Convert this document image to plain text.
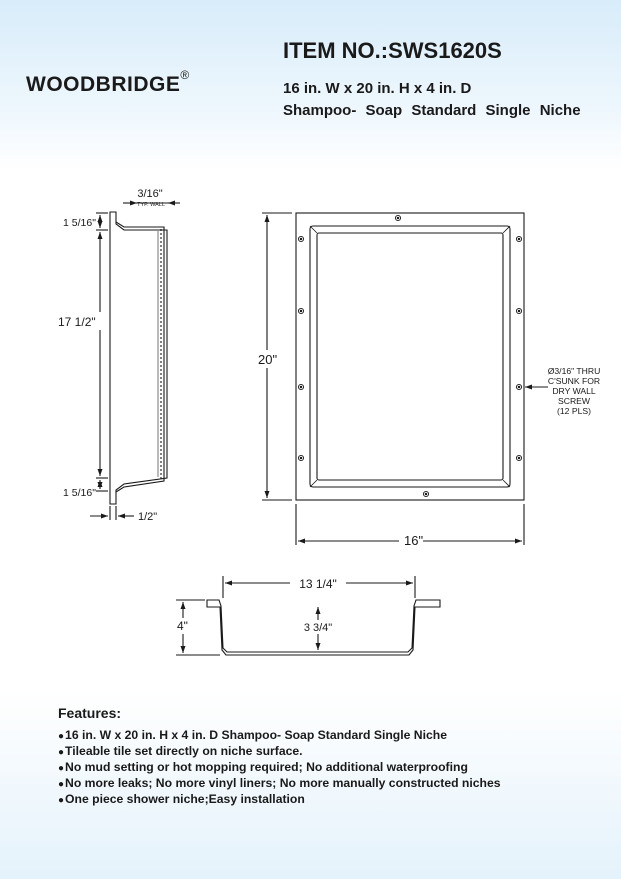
WOODBRIDGE®
ITEM NO.:SWS1620S
16 in. W x 20 in. H x 4 in. D
Shampoo- Soap Standard Single Niche
3/16"
TYP. WALL
1 5/16"
17 1/2"
1 5/16"
1/2"
20"
16"
Ø3/16" THRU
C'SUNK FOR
DRY WALL
SCREW
(12 PLS)
13 1/4"
4"	3 3/4"
Features:
●16 in. W x 20 in. H x 4 in. D Shampoo- Soap Standard Single Niche
●Tileable tile set directly on niche surface.
●No mud setting or hot mopping required; No additional waterproofing
●No more leaks; No more vinyl liners; No more manually constructed niches
●One piece shower niche;Easy installation
